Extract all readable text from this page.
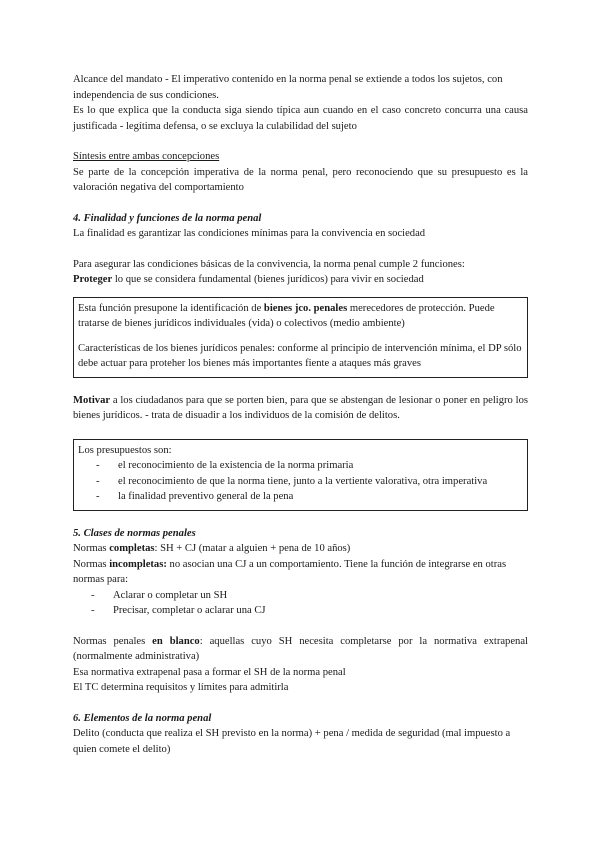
Alcance del mandato - El imperativo contenido en la norma penal se extiende a todos los sujetos, con independencia de sus condiciones.

Es lo que explica que la conducta siga siendo típica aun cuando en el caso concreto concurra una causa justificada - legítima defensa, o se excluya la culabilidad del sujeto

Síntesis entre ambas concepciones

Se parte de la concepción imperativa de la norma penal, pero reconociendo que su presupuesto es la valoración negativa del comportamiento

4. Finalidad y funciones de la norma penal

La finalidad es garantizar las condiciones mínimas para la convivencia en sociedad

Para asegurar las condiciones básicas de la convivencia, la norma penal cumple 2 funciones:

Proteger lo que se considera fundamental (bienes jurídicos) para vivir en sociedad

Esta función presupone la identificación de bienes jco. penales merecedores de protección. Puede tratarse de bienes jurídicos individuales (vida) o colectivos (medio ambiente)

Características de los bienes jurídicos penales: conforme al principio de intervención mínima, el DP sólo debe actuar para proteher los bienes más importantes fiente a ataques más graves

Motivar a los ciudadanos para que se porten bien, para que se abstengan de lesionar o poner en peligro los bienes jurídicos. - trata de disuadir a los individuos de la comisión de delitos.

Los presupuestos son:

- el reconocimiento de la existencia de la norma primaria
- el reconocimiento de que la norma tiene, junto a la vertiente valorativa, otra imperativa
- la finalidad preventivo general de la pena

5. Clases de normas penales

Normas completas: SH + CJ (matar a alguien + pena de 10 años)

Normas incompletas: no asocian una CJ a un comportamiento. Tiene la función de integrarse en otras normas para:

- Aclarar o completar un SH
- Precisar, completar o aclarar una CJ

Normas penales en blanco: aquellas cuyo SH necesita completarse por la normativa extrapenal (normalmente administrativa)

Esa normativa extrapenal pasa a formar el SH de la norma penal

El TC determina requisitos y límites para admitirla

6. Elementos de la norma penal

Delito (conducta que realiza el SH previsto en la norma) + pena / medida de seguridad (mal impuesto a quien comete el delito)
